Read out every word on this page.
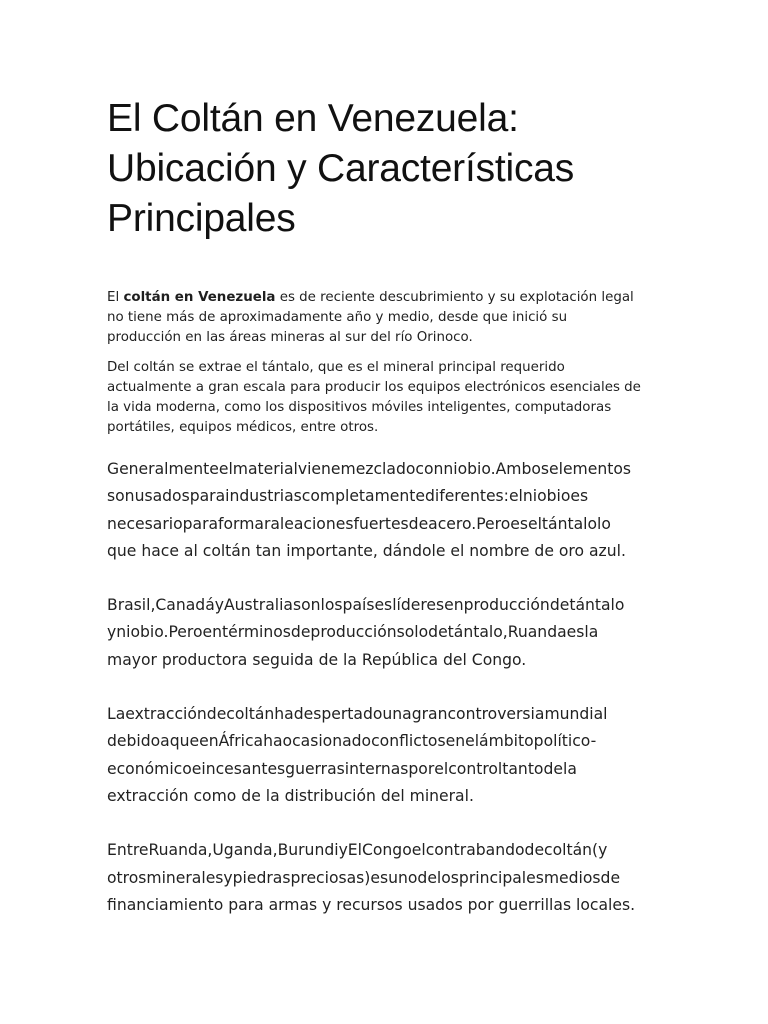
El Coltán en Venezuela:
Ubicación y Características
Principales

El coltán en Venezuela es de reciente descubrimiento y su explotación legal
no tiene más de aproximadamente año y medio, desde que inició su
producción en las áreas mineras al sur del río Orinoco.

Del coltán se extrae el tántalo, que es el mineral principal requerido
actualmente a gran escala para producir los equipos electrónicos esenciales de
la vida moderna, como los dispositivos móviles inteligentes, computadoras
portátiles, equipos médicos, entre otros.

Generalmenteelmaterialvienemezcladoconniobio.Amboselementos
sonusadosparaindustriascompletamentediferentes:elniobioes
necesarioparaformaraleacionesfuertesdeacero.Peroeseltántalolo
que hace al coltán tan importante, dándole el nombre de oro azul.

Brasil,CanadáyAustraliasonlospaíseslíderesenproduccióndetántalo
yniobio.Peroentérminosdeproducciónsolodetántalo,Ruandaesla
mayor productora seguida de la República del Congo.

Laextraccióndecoltánhadespertadounagrancontroversiamundial
debidoaqueenÁfricahaocasionadoconflictosenelámbitopolítico-
económicoeincesantesguerrasinternasporelcontroltantodela
extracción como de la distribución del mineral.

EntreRuanda,Uganda,BurundiyElCongoelcontrabandodecoltán(y
otrosmineralesypiedraspreciosas)esunodelosprincipalesmediosde
financiamiento para armas y recursos usados por guerrillas locales.
